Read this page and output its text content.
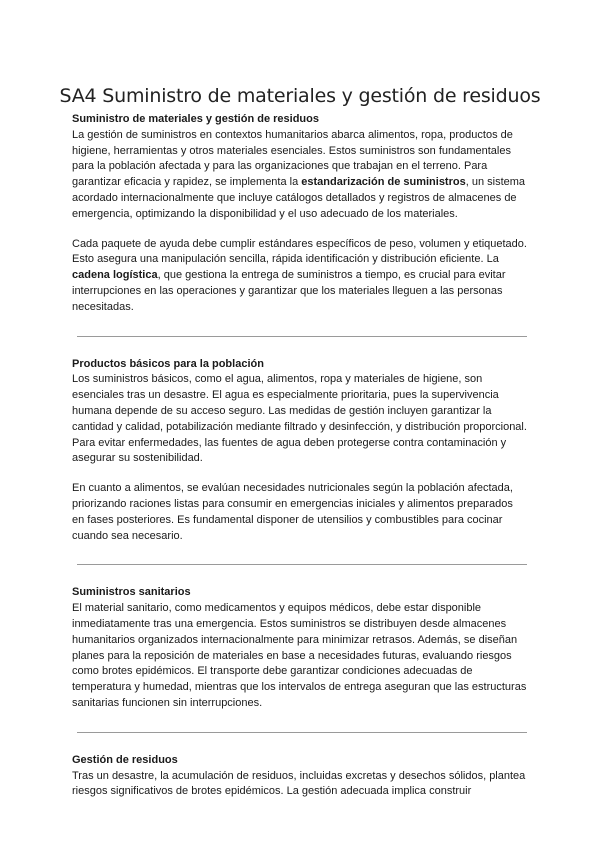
SA4 Suministro de materiales y gestión de residuos

Suministro de materiales y gestión de residuos

La gestión de suministros en contextos humanitarios abarca alimentos, ropa, productos de higiene, herramientas y otros materiales esenciales. Estos suministros son fundamentales para la población afectada y para las organizaciones que trabajan en el terreno. Para garantizar eficacia y rapidez, se implementa la estandarización de suministros, un sistema acordado internacionalmente que incluye catálogos detallados y registros de almacenes de emergencia, optimizando la disponibilidad y el uso adecuado de los materiales.

Cada paquete de ayuda debe cumplir estándares específicos de peso, volumen y etiquetado. Esto asegura una manipulación sencilla, rápida identificación y distribución eficiente. La cadena logística, que gestiona la entrega de suministros a tiempo, es crucial para evitar interrupciones en las operaciones y garantizar que los materiales lleguen a las personas necesitadas.

Productos básicos para la población

Los suministros básicos, como el agua, alimentos, ropa y materiales de higiene, son esenciales tras un desastre. El agua es especialmente prioritaria, pues la supervivencia humana depende de su acceso seguro. Las medidas de gestión incluyen garantizar la cantidad y calidad, potabilización mediante filtrado y desinfección, y distribución proporcional. Para evitar enfermedades, las fuentes de agua deben protegerse contra contaminación y asegurar su sostenibilidad.

En cuanto a alimentos, se evalúan necesidades nutricionales según la población afectada, priorizando raciones listas para consumir en emergencias iniciales y alimentos preparados en fases posteriores. Es fundamental disponer de utensilios y combustibles para cocinar cuando sea necesario.

Suministros sanitarios

El material sanitario, como medicamentos y equipos médicos, debe estar disponible inmediatamente tras una emergencia. Estos suministros se distribuyen desde almacenes humanitarios organizados internacionalmente para minimizar retrasos. Además, se diseñan planes para la reposición de materiales en base a necesidades futuras, evaluando riesgos como brotes epidémicos. El transporte debe garantizar condiciones adecuadas de temperatura y humedad, mientras que los intervalos de entrega aseguran que las estructuras sanitarias funcionen sin interrupciones.

Gestión de residuos

Tras un desastre, la acumulación de residuos, incluidas excretas y desechos sólidos, plantea riesgos significativos de brotes epidémicos. La gestión adecuada implica construir
